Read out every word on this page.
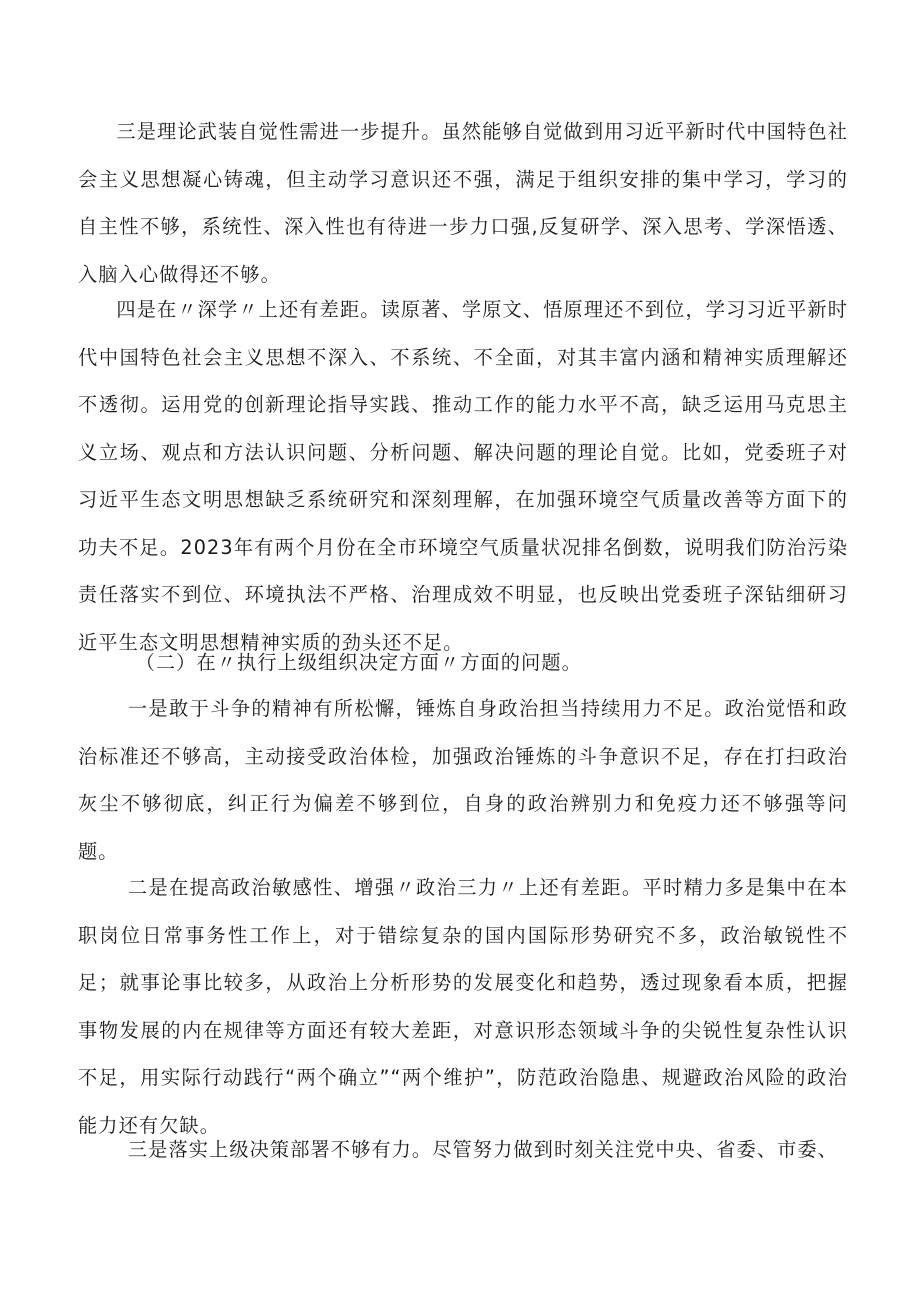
三是理论武装自觉性需进一步提升。虽然能够自觉做到用习近平新时代中国特色社会主义思想凝心铸魂，但主动学习意识还不强，满足于组织安排的集中学习，学习的自主性不够，系统性、深入性也有待进一步力口强,反复研学、深入思考、学深悟透、入脑入心做得还不够。

四是在〃深学〃上还有差距。读原著、学原文、悟原理还不到位，学习习近平新时代中国特色社会主义思想不深入、不系统、不全面，对其丰富内涵和精神实质理解还不透彻。运用党的创新理论指导实践、推动工作的能力水平不高，缺乏运用马克思主义立场、观点和方法认识问题、分析问题、解决问题的理论自觉。比如，党委班子对习近平生态文明思想缺乏系统研究和深刻理解，在加强环境空气质量改善等方面下的功夫不足。2023年有两个月份在全市环境空气质量状况排名倒数，说明我们防治污染责任落实不到位、环境执法不严格、治理成效不明显，也反映出党委班子深钻细研习近平生态文明思想精神实质的劲头还不足。

（二）在〃执行上级组织决定方面〃方面的问题。

一是敢于斗争的精神有所松懈，锤炼自身政治担当持续用力不足。政治觉悟和政治标准还不够高，主动接受政治体检，加强政治锤炼的斗争意识不足，存在打扫政治灰尘不够彻底，纠正行为偏差不够到位，自身的政治辨别力和免疫力还不够强等问题。

二是在提高政治敏感性、增强〃政治三力〃上还有差距。平时精力多是集中在本职岗位日常事务性工作上，对于错综复杂的国内国际形势研究不多，政治敏锐性不足；就事论事比较多，从政治上分析形势的发展变化和趋势，透过现象看本质，把握事物发展的内在规律等方面还有较大差距，对意识形态领域斗争的尖锐性复杂性认识不足，用实际行动践行“两个确立”“两个维护”，防范政治隐患、规避政治风险的政治能力还有欠缺。

三是落实上级决策部署不够有力。尽管努力做到时刻关注党中央、省委、市委、
